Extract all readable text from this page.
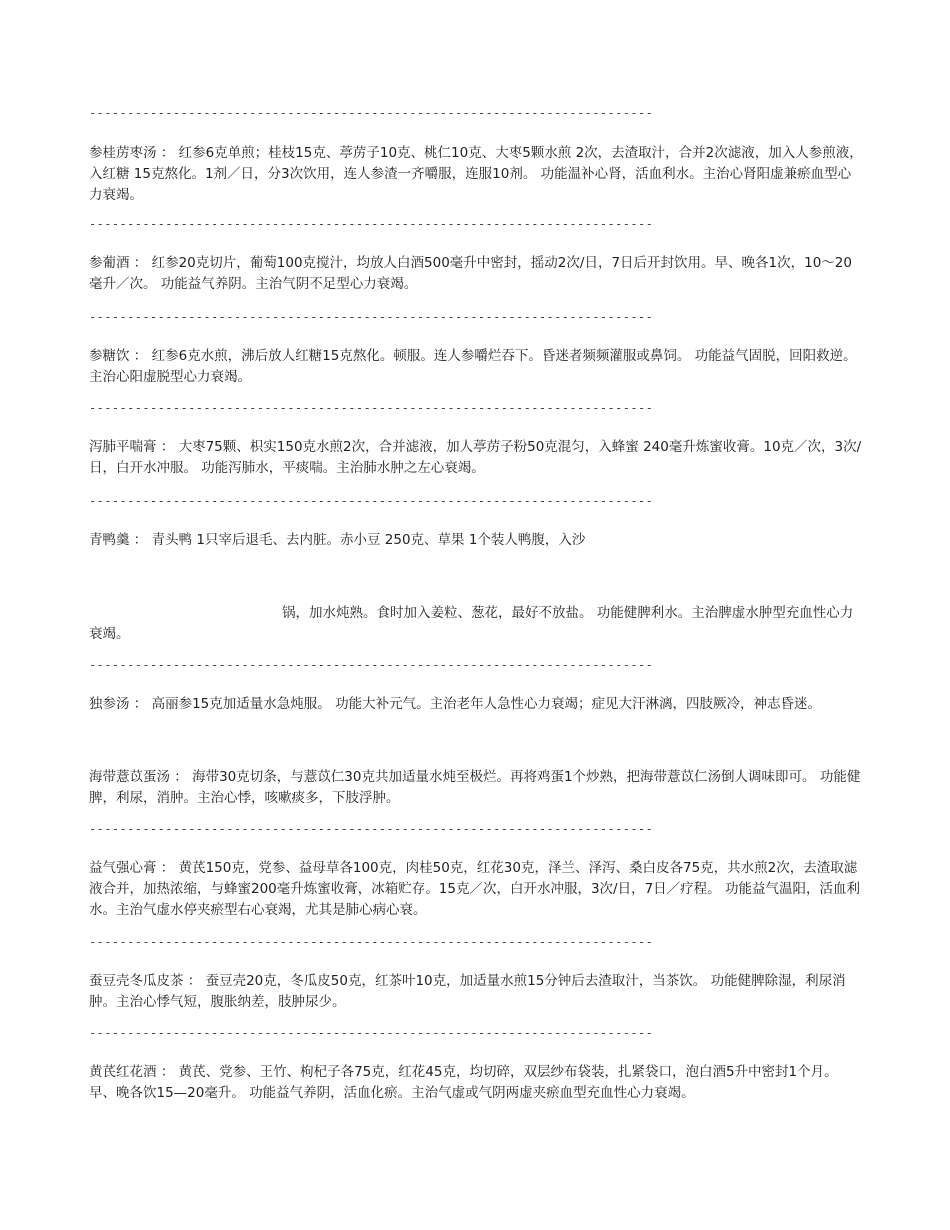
--------------------------------------------------------------------------
参桂苈枣汤 ： 红参6克单煎；桂枝15克、葶苈子10克、桃仁10克、大枣5颗水煎 2次，去渣取汁，合并2次滤液，加入人参煎液，入红糖 15克熬化。1剂／日，分3次饮用，连人参渣一齐嚼服，连服10剂。 功能温补心肾，活血利水。主治心肾阳虚兼瘀血型心力衰竭。
--------------------------------------------------------------------------
参葡酒 ： 红参20克切片，葡萄100克搅汁，均放人白酒500毫升中密封，摇动2次/日，7日后开封饮用。早、晚各1次，10～20毫升／次。 功能益气养阴。主治气阴不足型心力衰竭。
--------------------------------------------------------------------------
参糖饮 ： 红参6克水煎，沸后放人红糖15克熬化。顿服。连人参嚼烂吞下。昏迷者频频灌服或鼻饲。 功能益气固脱，回阳救逆。主治心阳虚脱型心力衰竭。
--------------------------------------------------------------------------
泻肺平喘膏 ： 大枣75颗、枳实150克水煎2次，合并滤液，加人葶苈子粉50克混匀，入蜂蜜 240毫升炼蜜收膏。10克／次，3次/日，白开水冲服。 功能泻肺水，平痰喘。主治肺水肿之左心衰竭。
--------------------------------------------------------------------------
青鸭羹 ： 青头鸭 1只宰后退毛、去内脏。赤小豆 250克、草果 1个装人鸭腹，入沙
锅，加水炖熟。食时加入姜粒、葱花，最好不放盐。 功能健脾利水。主治脾虚水肿型充血性心力衰竭。
--------------------------------------------------------------------------
独参汤 ： 高丽参15克加适量水急炖服。 功能大补元气。主治老年人急性心力衰竭；症见大汗淋漓，四肢厥冷，神志昏迷。
海带薏苡蛋汤 ： 海带30克切条，与薏苡仁30克共加适量水炖至极烂。再将鸡蛋1个炒熟，把海带薏苡仁汤倒人调味即可。 功能健脾，利尿，消肿。主治心悸，咳嗽痰多，下肢浮肿。
--------------------------------------------------------------------------
益气强心膏 ： 黄芪150克，党参、益母草各100克，肉桂50克，红花30克，泽兰、泽泻、桑白皮各75克，共水煎2次，去渣取滤液合并，加热浓缩，与蜂蜜200毫升炼蜜收膏，冰箱贮存。15克／次，白开水冲服，3次/日，7日／疗程。 功能益气温阳，活血利水。主治气虚水停夹瘀型右心衰竭，尤其是肺心病心衰。
--------------------------------------------------------------------------
蚕豆壳冬瓜皮茶 ： 蚕豆壳20克，冬瓜皮50克，红茶叶10克，加适量水煎15分钟后去渣取汁，当茶饮。 功能健脾除湿，利尿消肿。主治心悸气短，腹胀纳差，肢肿尿少。
--------------------------------------------------------------------------
黄芪红花酒 ： 黄芪、党参、王竹、枸杞子各75克，红花45克，均切碎，双层纱布袋装，扎紧袋口，泡白酒5升中密封1个月。早、晚各饮15—20毫升。 功能益气养阴，活血化瘀。主治气虚或气阴两虚夹瘀血型充血性心力衰竭。
